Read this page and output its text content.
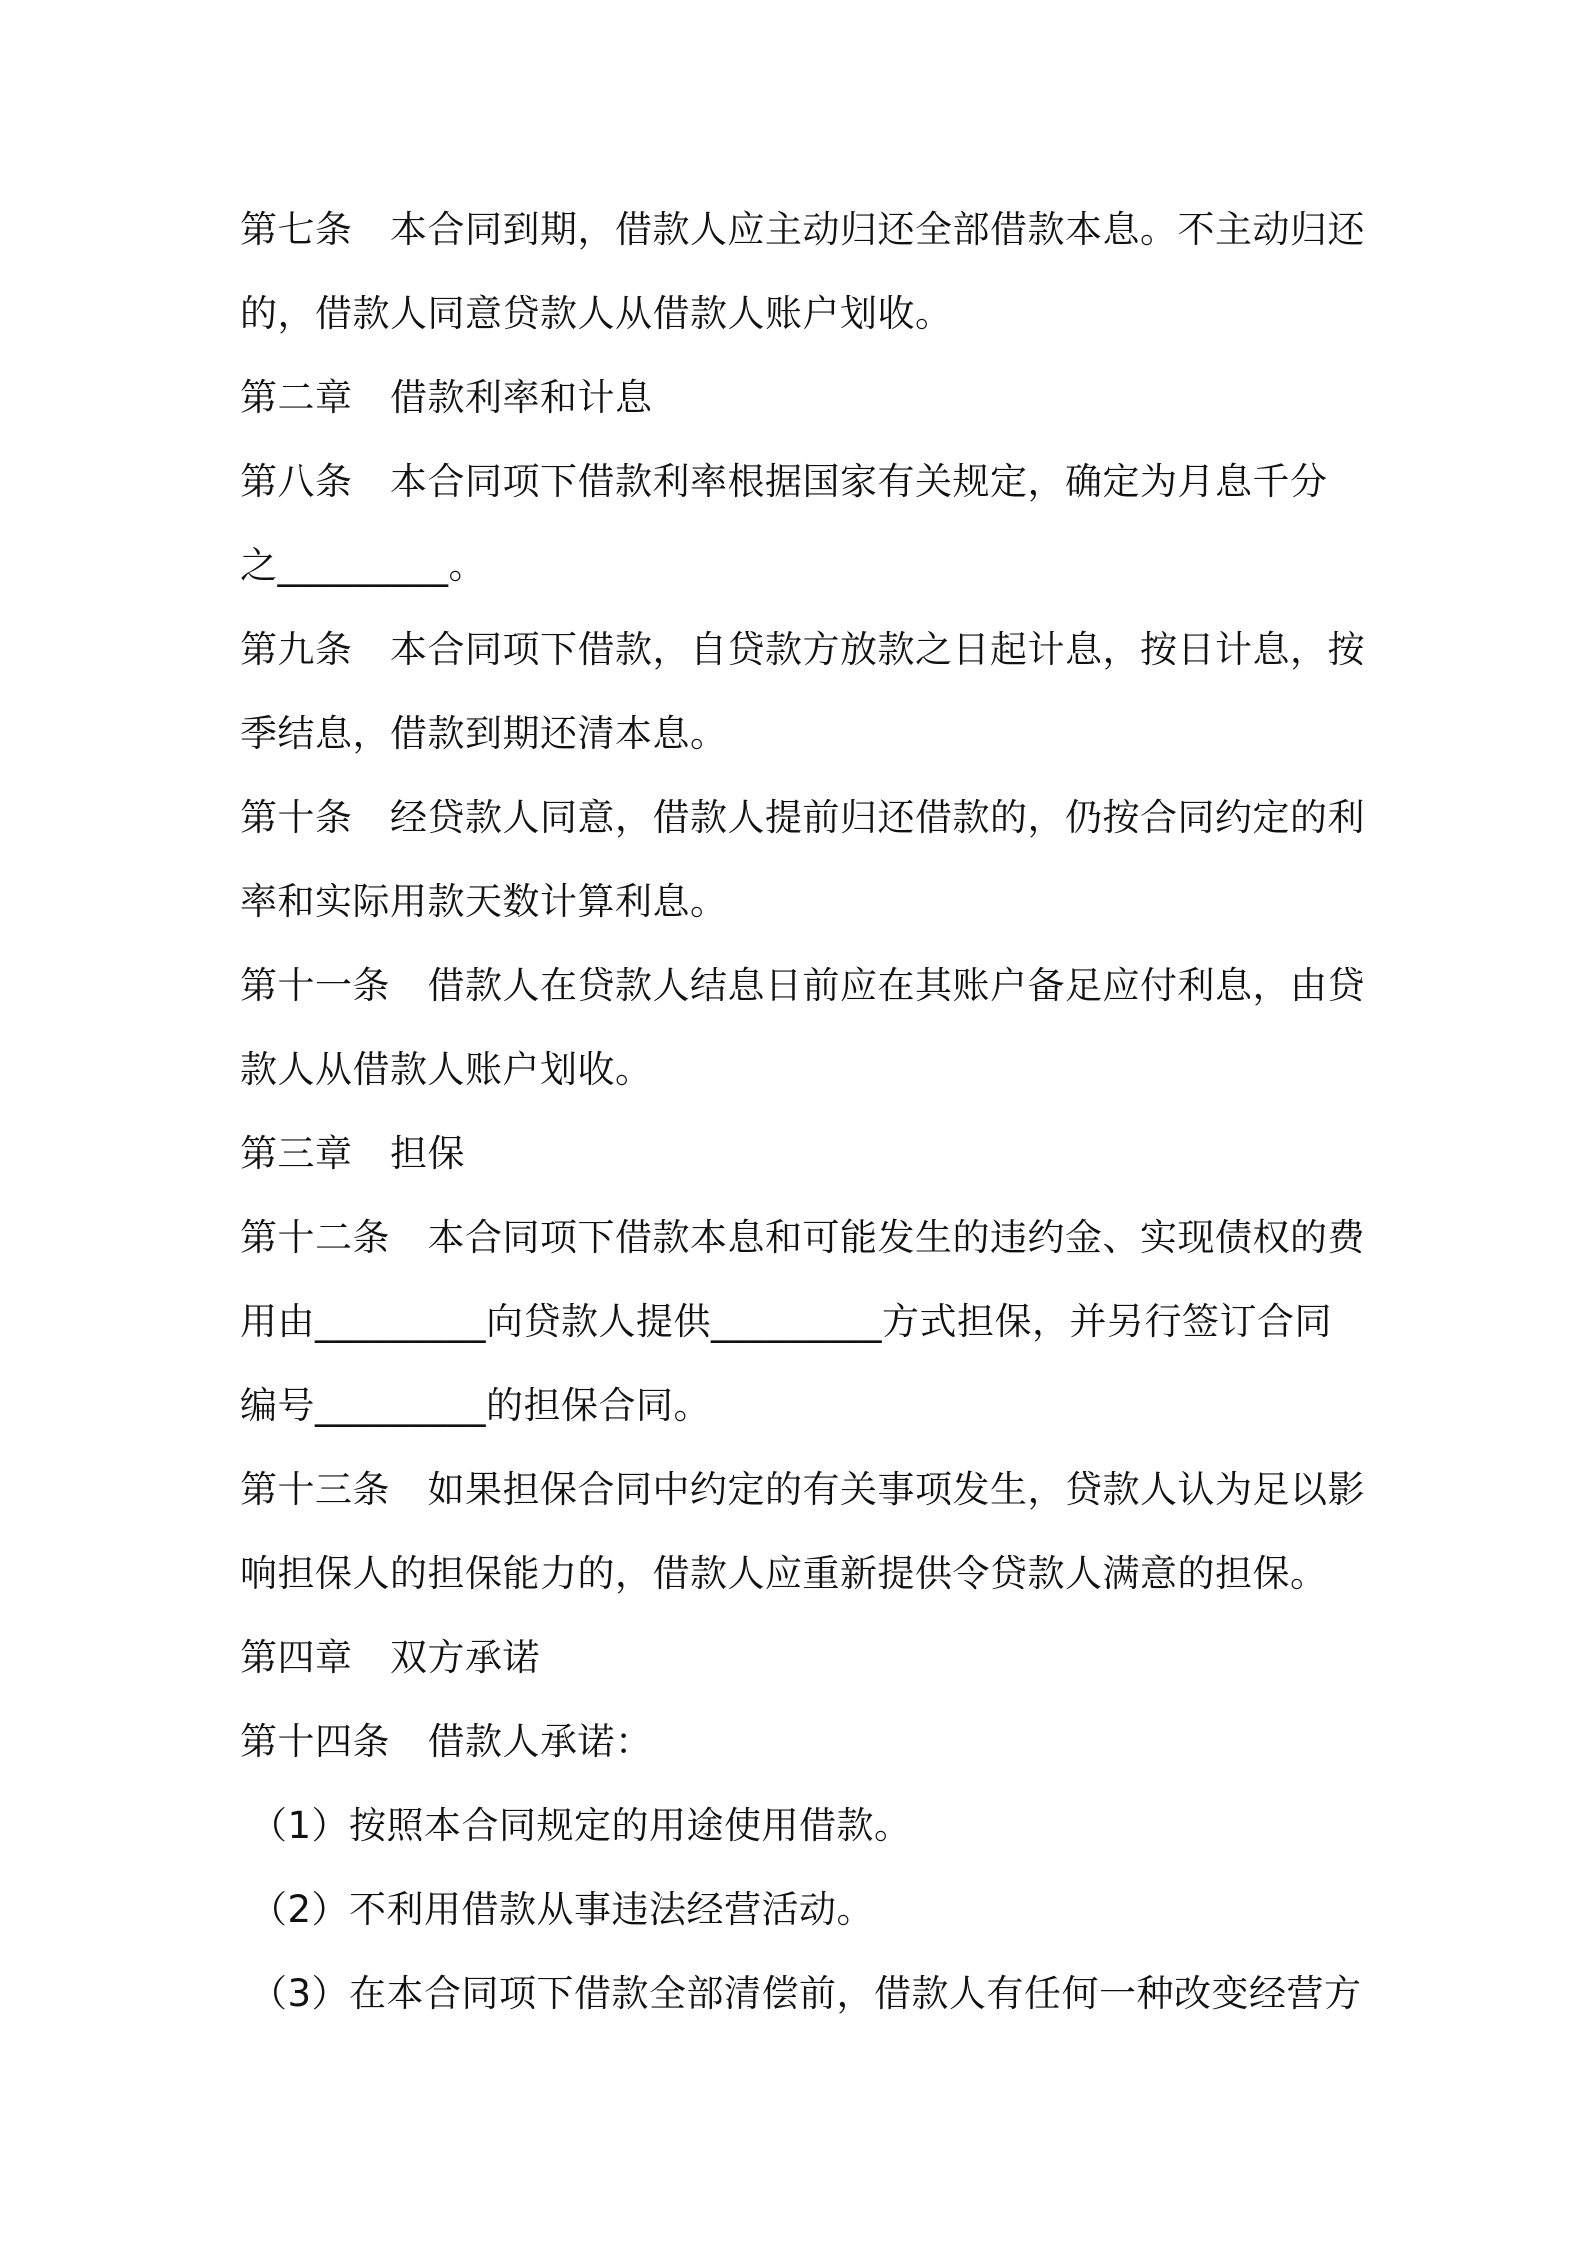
第七条　本合同到期，借款人应主动归还全部借款本息。不主动归还
的，借款人同意贷款人从借款人账户划收。
第二章　借款利率和计息
第八条　本合同项下借款利率根据国家有关规定，确定为月息千分
之_________。
第九条　本合同项下借款，自贷款方放款之日起计息，按日计息，按
季结息，借款到期还清本息。
第十条　经贷款人同意，借款人提前归还借款的，仍按合同约定的利
率和实际用款天数计算利息。
第十一条　借款人在贷款人结息日前应在其账户备足应付利息，由贷
款人从借款人账户划收。
第三章　担保
第十二条　本合同项下借款本息和可能发生的违约金、实现债权的费
用由_________向贷款人提供_________方式担保，并另行签订合同
编号_________的担保合同。
第十三条　如果担保合同中约定的有关事项发生，贷款人认为足以影
响担保人的担保能力的，借款人应重新提供令贷款人满意的担保。
第四章　双方承诺
第十四条　借款人承诺：
（1）按照本合同规定的用途使用借款。
（2）不利用借款从事违法经营活动。
（3）在本合同项下借款全部清偿前，借款人有任何一种改变经营方
